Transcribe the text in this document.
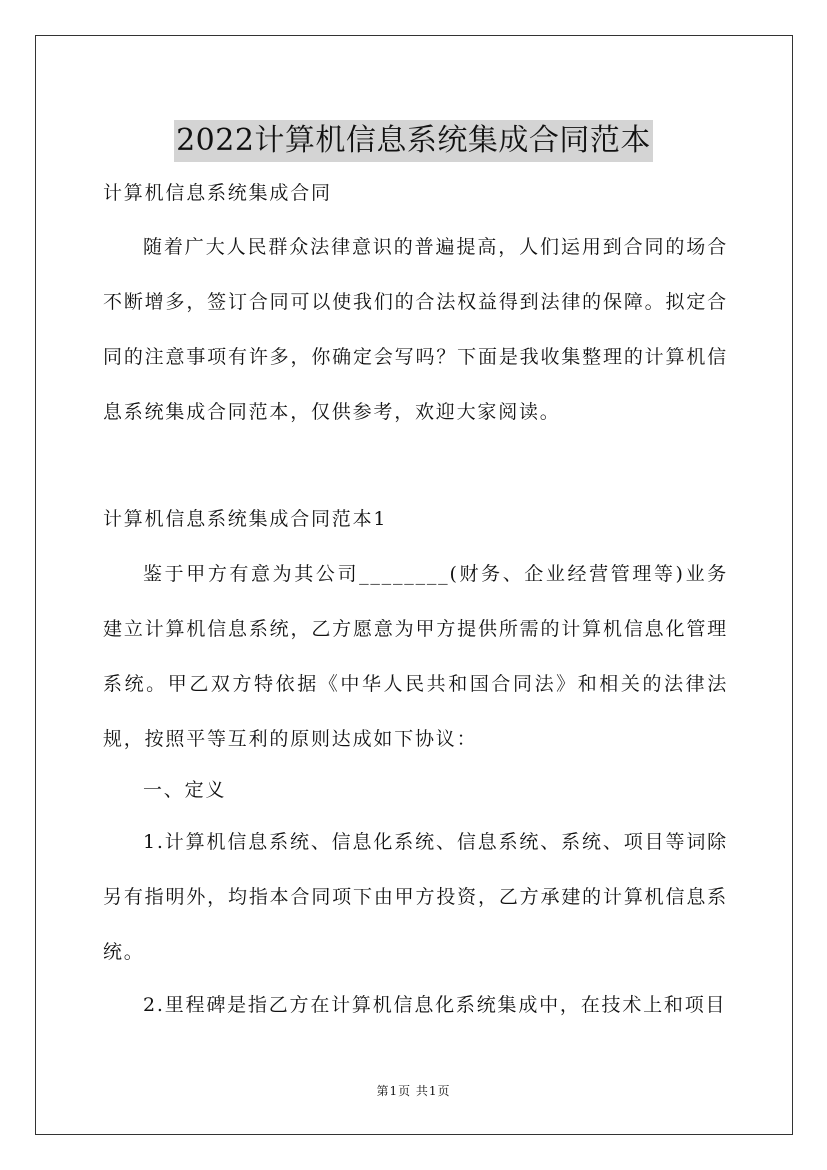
2022计算机信息系统集成合同范本

计算机信息系统集成合同

随着广大人民群众法律意识的普遍提高，人们运用到合同的场合不断增多，签订合同可以使我们的合法权益得到法律的保障。拟定合同的注意事项有许多，你确定会写吗？下面是我收集整理的计算机信息系统集成合同范本，仅供参考，欢迎大家阅读。

计算机信息系统集成合同范本1

鉴于甲方有意为其公司________(财务、企业经营管理等)业务建立计算机信息系统，乙方愿意为甲方提供所需的计算机信息化管理系统。甲乙双方特依据《中华人民共和国合同法》和相关的法律法规，按照平等互利的原则达成如下协议：

一、定义

1.计算机信息系统、信息化系统、信息系统、系统、项目等词除另有指明外，均指本合同项下由甲方投资，乙方承建的计算机信息系统。

2.里程碑是指乙方在计算机信息化系统集成中，在技术上和项目

第1页 共1页
